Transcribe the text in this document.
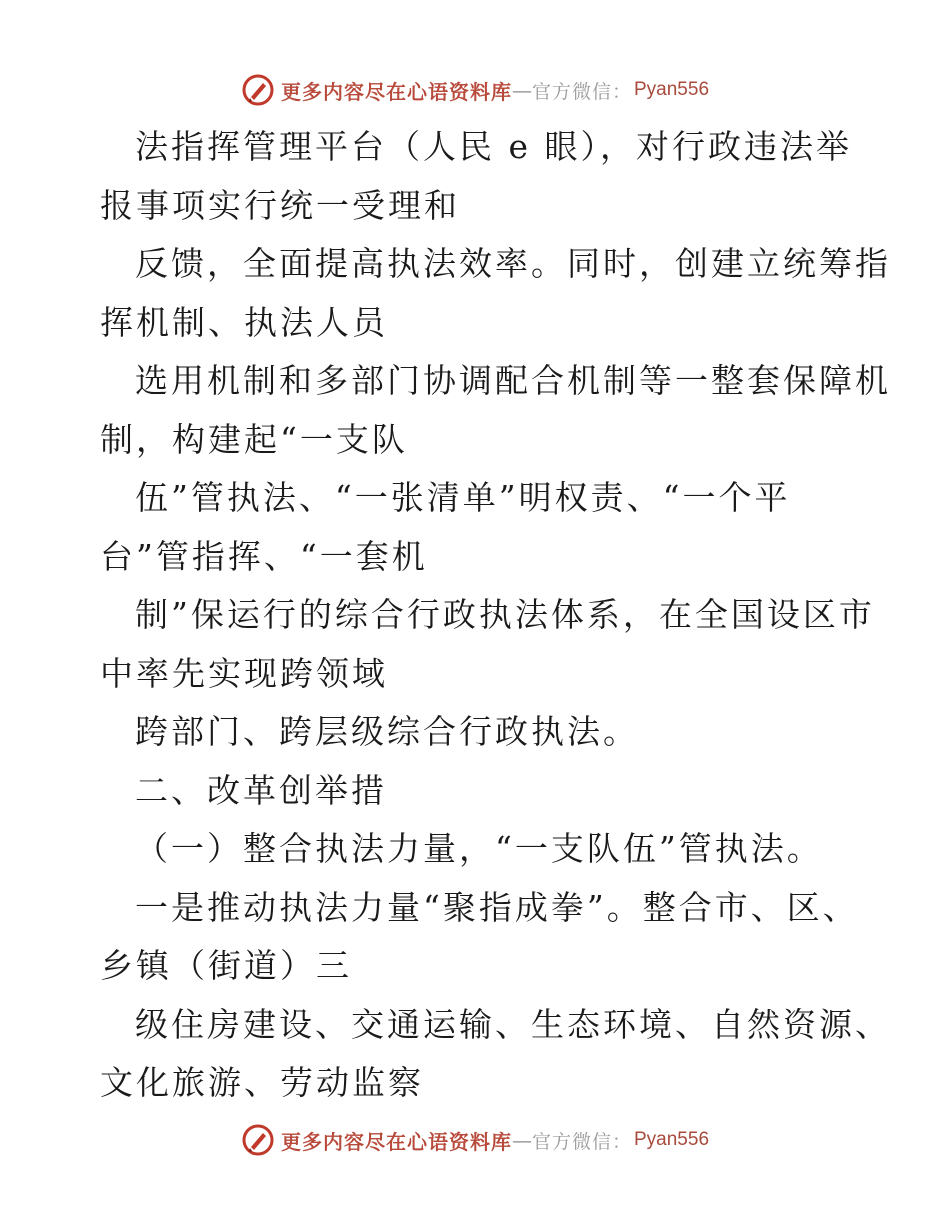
更多内容尽在心语资料库 — 官方微信： Pyan556

法指挥管理平台（人民 e 眼），对行政违法举
报事项实行统一受理和

反馈，全面提高执法效率。同时，创建立统筹指
挥机制、执法人员

选用机制和多部门协调配合机制等一整套保障机
制，构建起“一支队

伍”管执法、“一张清单”明权责、“一个平
台”管指挥、“一套机

制”保运行的综合行政执法体系，在全国设区市
中率先实现跨领域

跨部门、跨层级综合行政执法。

二、改革创举措

（一）整合执法力量，“一支队伍”管执法。

一是推动执法力量“聚指成拳”。整合市、区、
乡镇（街道）三

级住房建设、交通运输、生态环境、自然资源、
文化旅游、劳动监察

更多内容尽在心语资料库 — 官方微信： Pyan556
